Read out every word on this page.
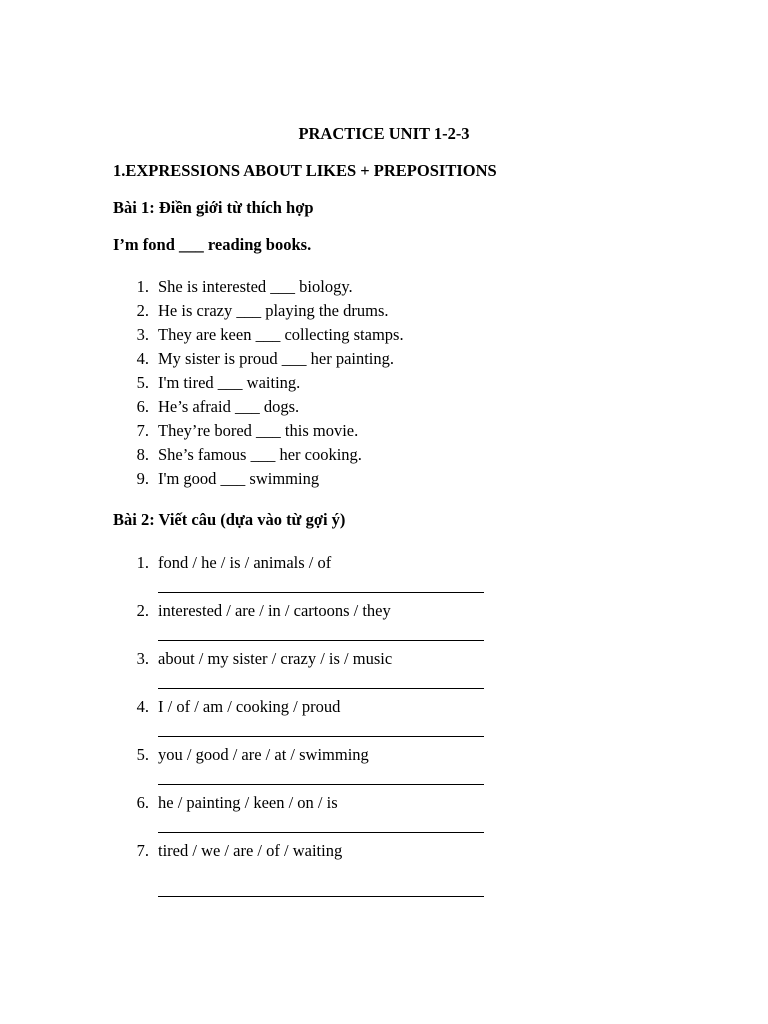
PRACTICE UNIT 1-2-3
1.EXPRESSIONS ABOUT LIKES + PREPOSITIONS
Bài 1: Điền giới từ thích hợp
I’m fond ___ reading books.
1. She is interested ___ biology.
2. He is crazy ___ playing the drums.
3. They are keen ___ collecting stamps.
4. My sister is proud ___ her painting.
5. I'm tired ___ waiting.
6. He’s afraid ___ dogs.
7. They’re bored ___ this movie.
8. She’s famous ___ her cooking.
9. I'm good ___ swimming
Bài 2: Viết câu (dựa vào từ gợi ý)
1. fond / he / is / animals / of
2. interested / are / in / cartoons / they
3. about / my sister / crazy / is / music
4. I / of / am / cooking / proud
5. you / good / are / at / swimming
6. he / painting / keen / on / is
7. tired / we / are / of / waiting
